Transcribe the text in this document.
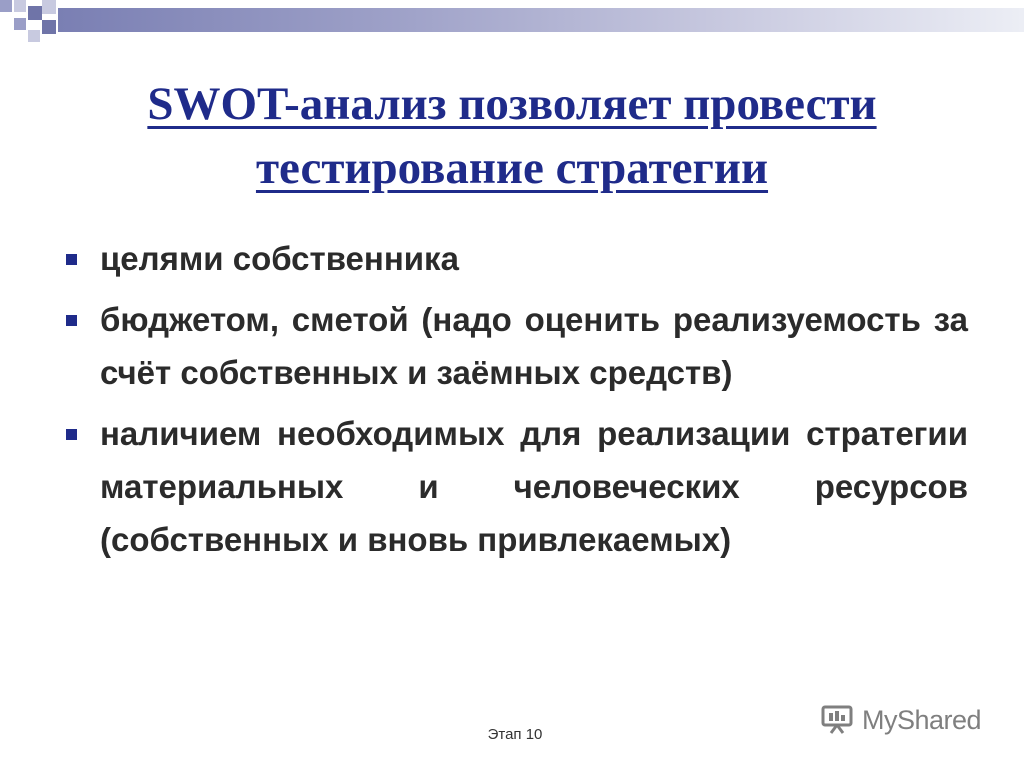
SWOT-анализ позволяет провести
тестирование стратегии
целями собственника
бюджетом, сметой (надо оценить реализуемость за счёт собственных и заёмных средств)
наличием необходимых для реализации стратегии материальных и человеческих ресурсов (собственных и вновь привлекаемых)
Этап 10	MyShared
